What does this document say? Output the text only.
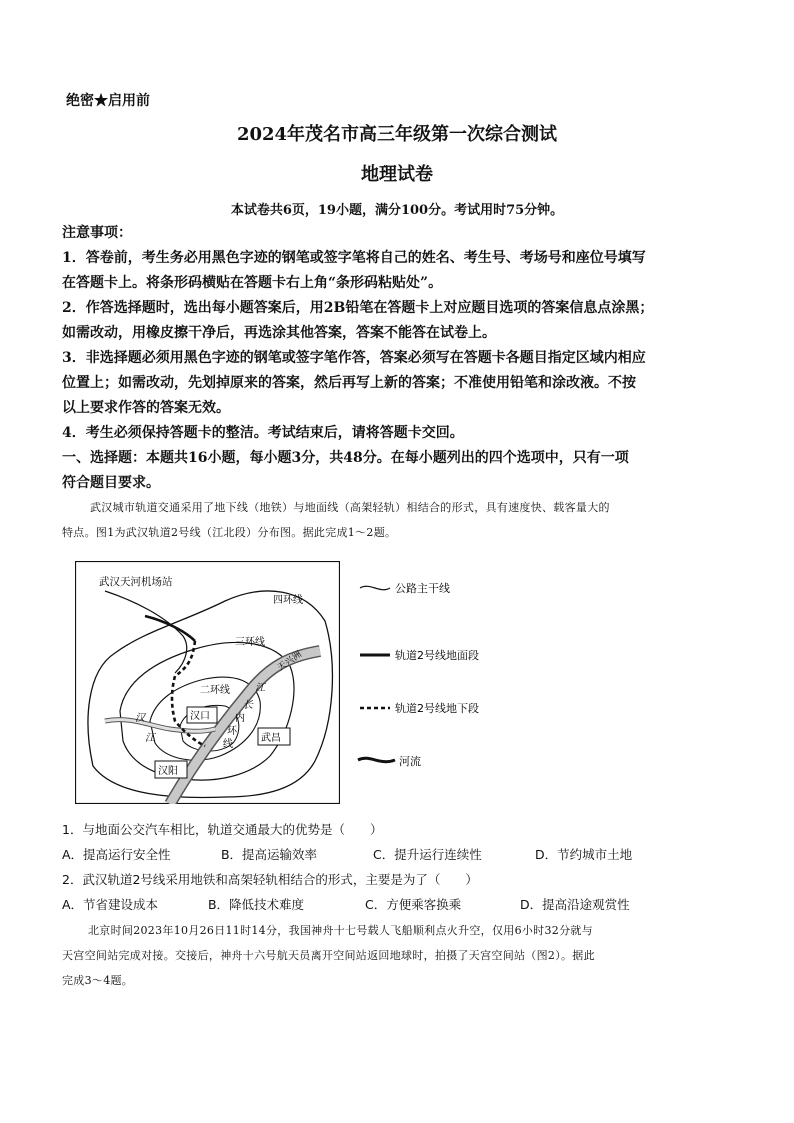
绝密★启用前
2024年茂名市高三年级第一次综合测试
地理试卷
本试卷共6页，19小题，满分100分。考试用时75分钟。
注意事项：
1．答卷前，考生务必用黑色字迹的钢笔或签字笔将自己的姓名、考生号、考场号和座位号填写
在答题卡上。将条形码横贴在答题卡右上角“条形码粘贴处”。
2．作答选择题时，选出每小题答案后，用2B铅笔在答题卡上对应题目选项的答案信息点涂黑；
如需改动，用橡皮擦干净后，再选涂其他答案，答案不能答在试卷上。
3．非选择题必须用黑色字迹的钢笔或签字笔作答，答案必须写在答题卡各题目指定区域内相应
位置上；如需改动，先划掉原来的答案，然后再写上新的答案；不准使用铅笔和涂改液。不按
以上要求作答的答案无效。
4．考生必须保持答题卡的整洁。考试结束后，请将答题卡交回。
一、选择题：本题共16小题，每小题3分，共48分。在每小题列出的四个选项中，只有一项
符合题目要求。
武汉城市轨道交通采用了地下线（地铁）与地面线（高架轻轨）相结合的形式，具有速度快、载客量大的
特点。图1为武汉轨道2号线（江北段）分布图。据此完成1～2题。
武汉天河机场站
四环线
三环线
二环线
内
环
线
汉
江
江
长
天兴洲
汉口
武昌
汉阳
公路主干线
轨道2号线地面段
轨道2号线地下段
河流
1．与地面公交汽车相比，轨道交通最大的优势是（　　）
A．提高运行安全性	B．提高运输效率	C．提升运行连续性	D．节约城市土地
2．武汉轨道2号线采用地铁和高架轻轨相结合的形式，主要是为了（　　）
A．节省建设成本	B．降低技术难度	C．方便乘客换乘	D．提高沿途观赏性
北京时间2023年10月26日11时14分，我国神舟十七号载人飞船顺利点火升空，仅用6小时32分就与
天宫空间站完成对接。交接后，神舟十六号航天员离开空间站返回地球时，拍摄了天宫空间站（图2）。据此
完成3～4题。
